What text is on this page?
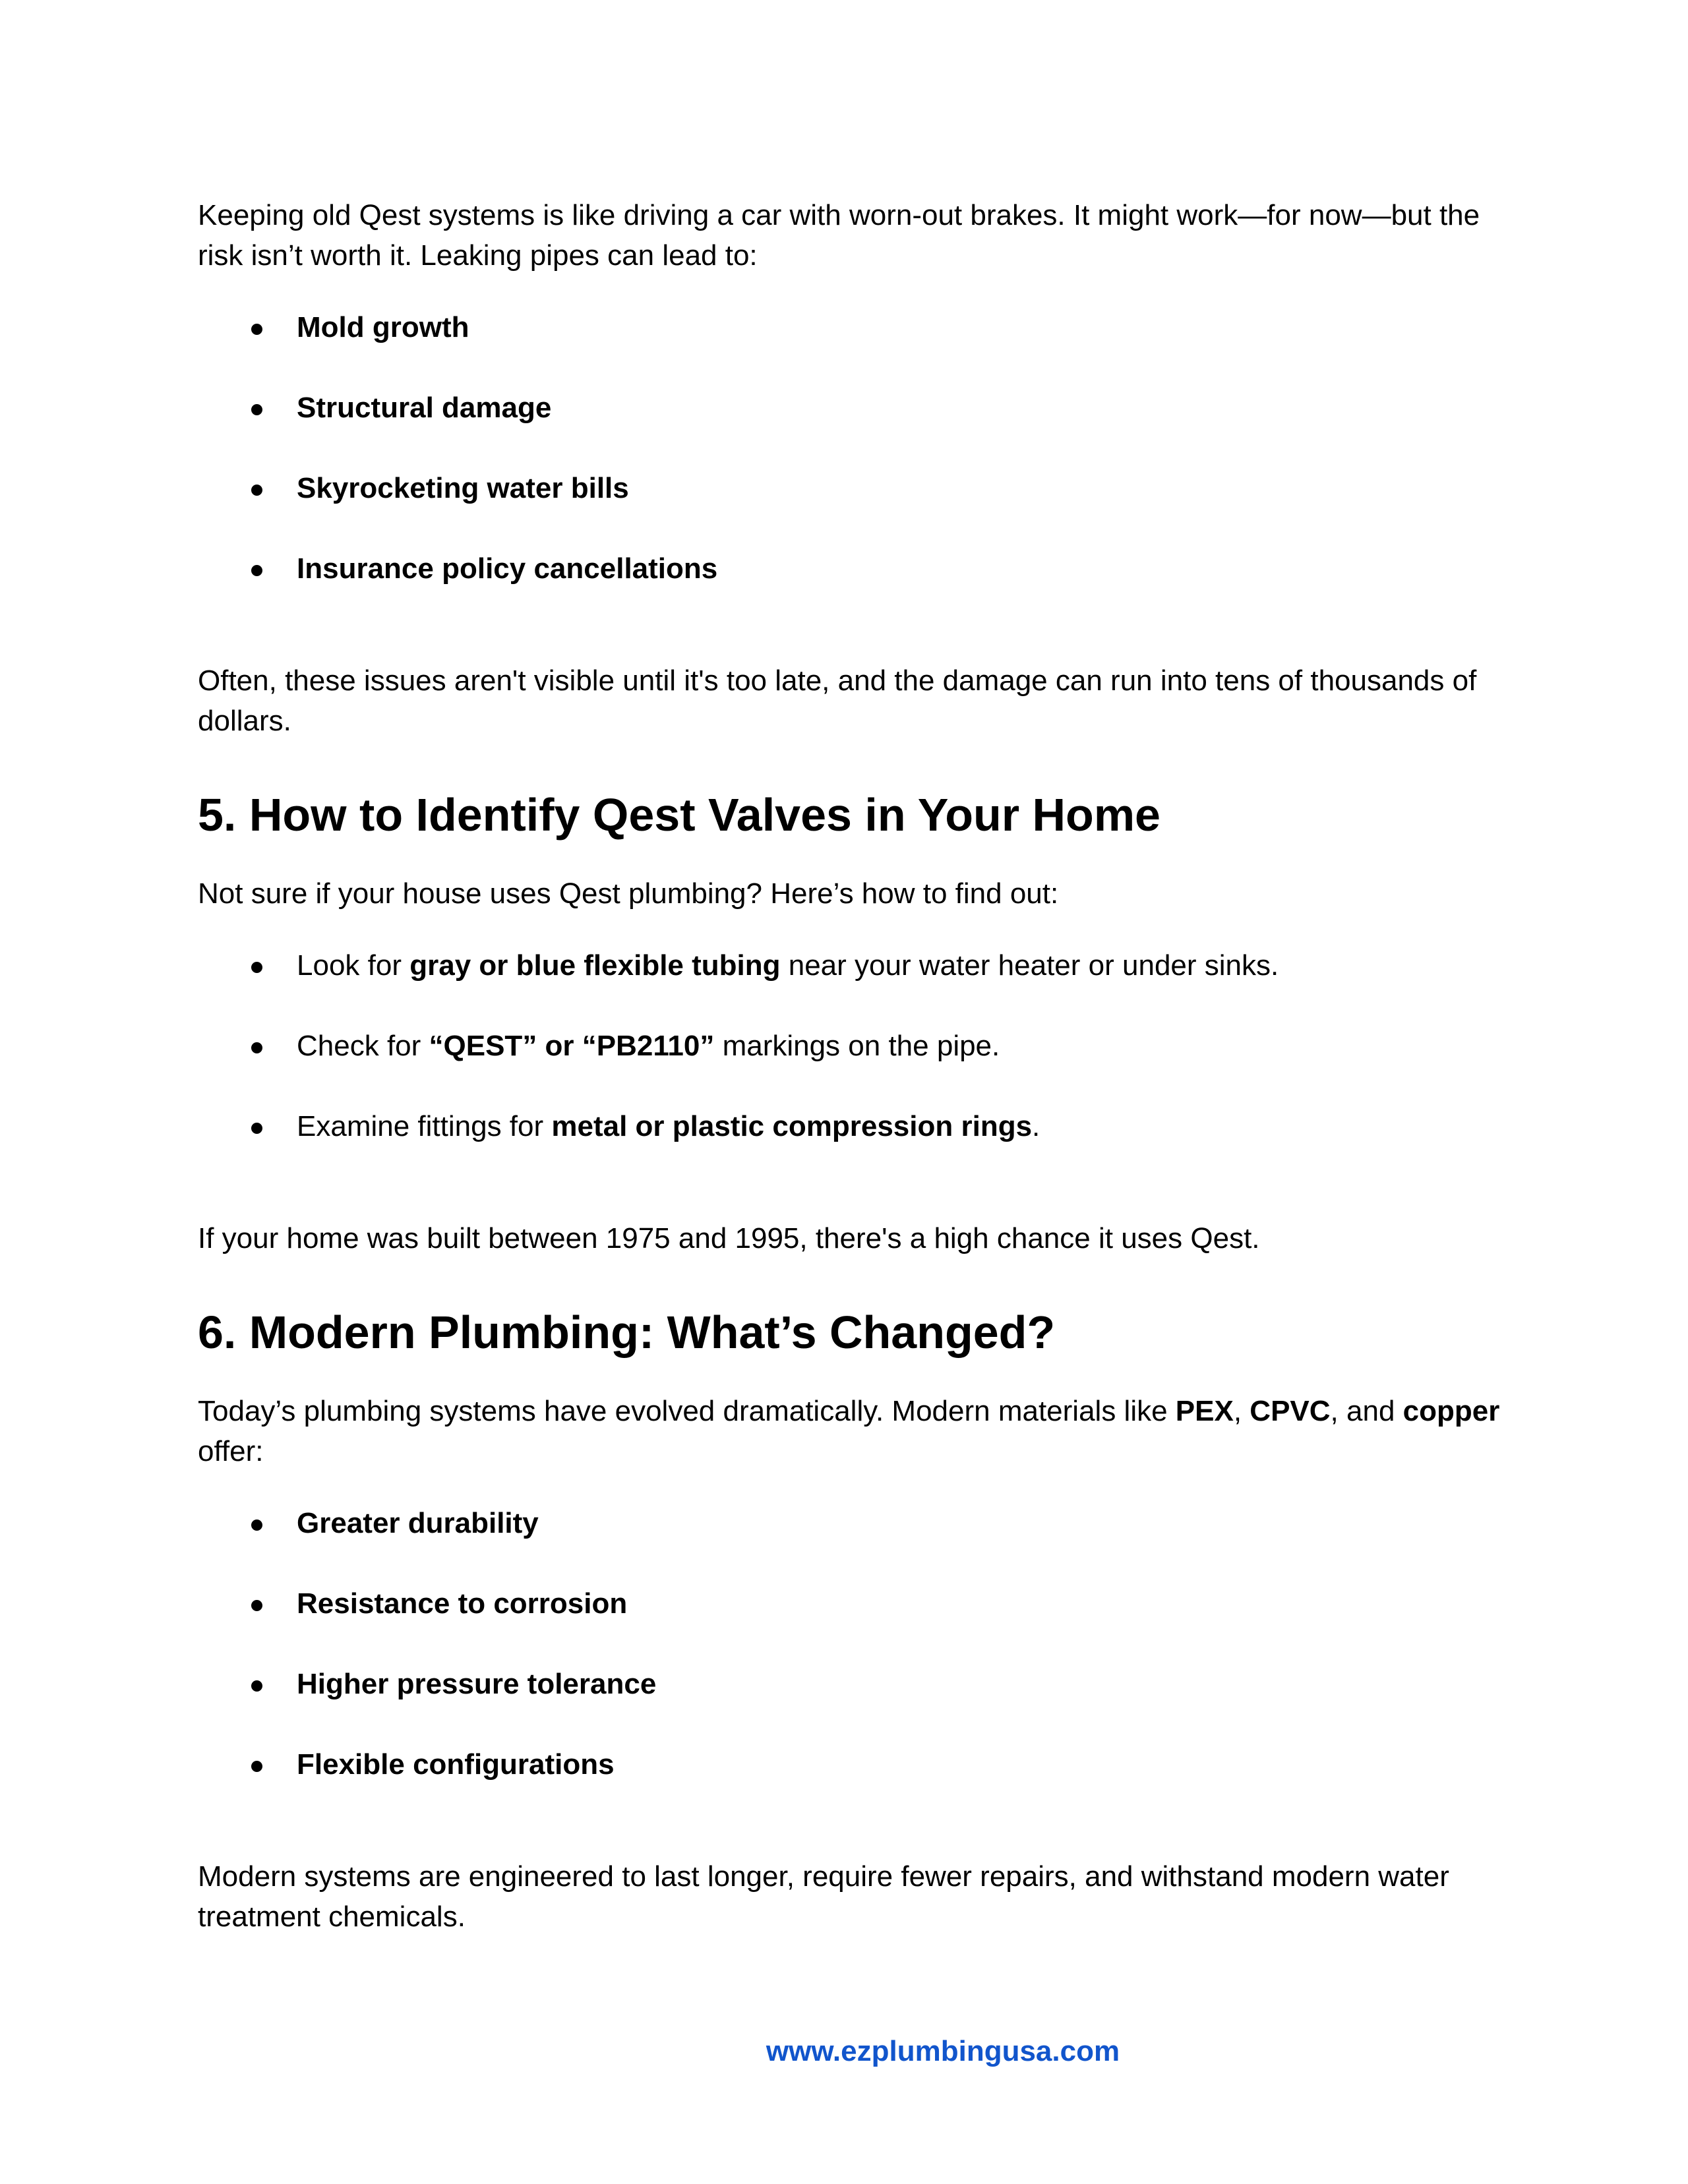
Keeping old Qest systems is like driving a car with worn-out brakes. It might work—for now—but the risk isn’t worth it. Leaking pipes can lead to:

Mold growth
Structural damage
Skyrocketing water bills
Insurance policy cancellations

Often, these issues aren't visible until it's too late, and the damage can run into tens of thousands of dollars.

5. How to Identify Qest Valves in Your Home

Not sure if your house uses Qest plumbing? Here’s how to find out:

Look for gray or blue flexible tubing near your water heater or under sinks.
Check for “QEST” or “PB2110” markings on the pipe.
Examine fittings for metal or plastic compression rings.

If your home was built between 1975 and 1995, there's a high chance it uses Qest.

6. Modern Plumbing: What’s Changed?

Today’s plumbing systems have evolved dramatically. Modern materials like PEX, CPVC, and copper offer:

Greater durability
Resistance to corrosion
Higher pressure tolerance
Flexible configurations

Modern systems are engineered to last longer, require fewer repairs, and withstand modern water treatment chemicals.

www.ezplumbingusa.com
